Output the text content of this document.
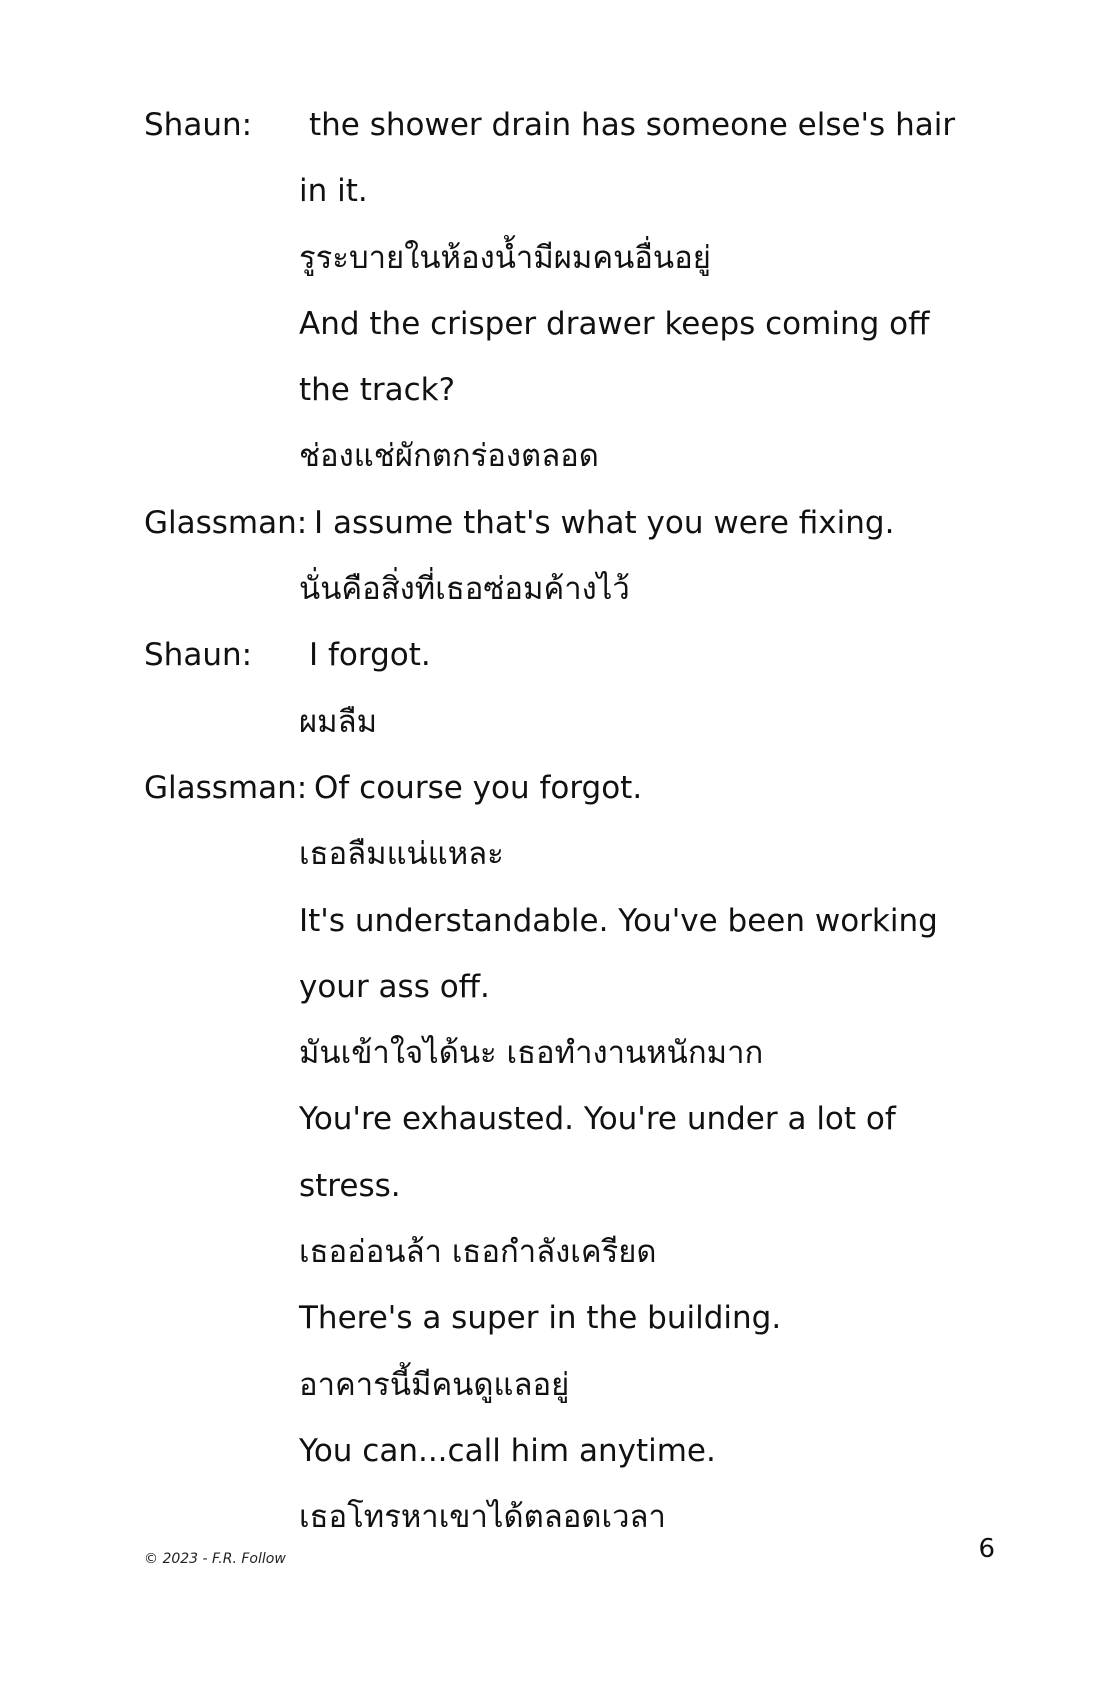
Shaun: the shower drain has someone else's hair
in it.
รูระบายในห้องน้ำมีผมคนอื่นอยู่
And the crisper drawer keeps coming off
the track?
ช่องแช่ผักตกร่องตลอด
Glassman: I assume that's what you were fixing.
นั่นคือสิ่งที่เธอซ่อมค้างไว้
Shaun: I forgot.
ผมลืม
Glassman: Of course you forgot.
เธอลืมแน่แหละ
It's understandable. You've been working
your ass off.
มันเข้าใจได้นะ เธอทำงานหนักมาก
You're exhausted. You're under a lot of
stress.
เธออ่อนล้า เธอกำลังเครียด
There's a super in the building.
อาคารนี้มีคนดูแลอยู่
You can...call him anytime.
เธอโทรหาเขาได้ตลอดเวลา
© 2023 - F.R. Follow	6
